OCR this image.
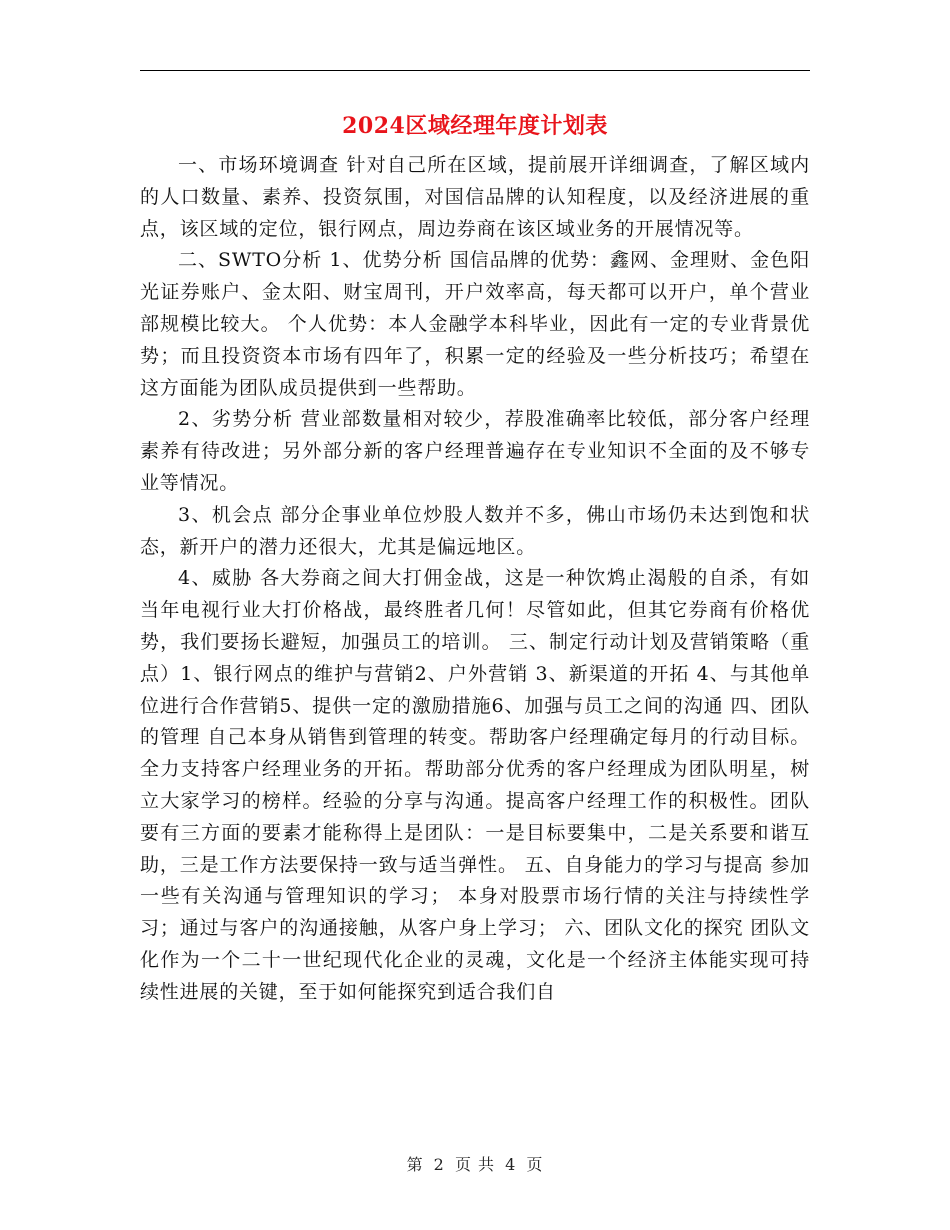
2024区域经理年度计划表

一、市场环境调查 针对自己所在区域，提前展开详细调查，了解区域内的人口数量、素养、投资氛围，对国信品牌的认知程度，以及经济进展的重点，该区域的定位，银行网点，周边券商在该区域业务的开展情况等。

二、SWTO分析 1、优势分析 国信品牌的优势：鑫网、金理财、金色阳光证券账户、金太阳、财宝周刊，开户效率高，每天都可以开户，单个营业部规模比较大。 个人优势：本人金融学本科毕业，因此有一定的专业背景优势；而且投资资本市场有四年了，积累一定的经验及一些分析技巧；希望在这方面能为团队成员提供到一些帮助。

2、劣势分析 营业部数量相对较少，荐股准确率比较低，部分客户经理素养有待改进；另外部分新的客户经理普遍存在专业知识不全面的及不够专业等情况。

3、机会点 部分企事业单位炒股人数并不多，佛山市场仍未达到饱和状态，新开户的潜力还很大，尤其是偏远地区。

4、威胁 各大券商之间大打佣金战，这是一种饮鸩止渴般的自杀，有如当年电视行业大打价格战，最终胜者几何！尽管如此，但其它券商有价格优势，我们要扬长避短，加强员工的培训。 三、制定行动计划及营销策略（重点）1、银行网点的维护与营销2、户外营销 3、新渠道的开拓 4、与其他单位进行合作营销5、提供一定的激励措施6、加强与员工之间的沟通 四、团队的管理 自己本身从销售到管理的转变。帮助客户经理确定每月的行动目标。全力支持客户经理业务的开拓。帮助部分优秀的客户经理成为团队明星，树立大家学习的榜样。经验的分享与沟通。提高客户经理工作的积极性。团队要有三方面的要素才能称得上是团队：一是目标要集中，二是关系要和谐互助，三是工作方法要保持一致与适当弹性。 五、自身能力的学习与提高 参加一些有关沟通与管理知识的学习； 本身对股票市场行情的关注与持续性学习；通过与客户的沟通接触，从客户身上学习； 六、团队文化的探究 团队文化作为一个二十一世纪现代化企业的灵魂，文化是一个经济主体能实现可持续性进展的关键，至于如何能探究到适合我们自

第 2 页 共 4 页
